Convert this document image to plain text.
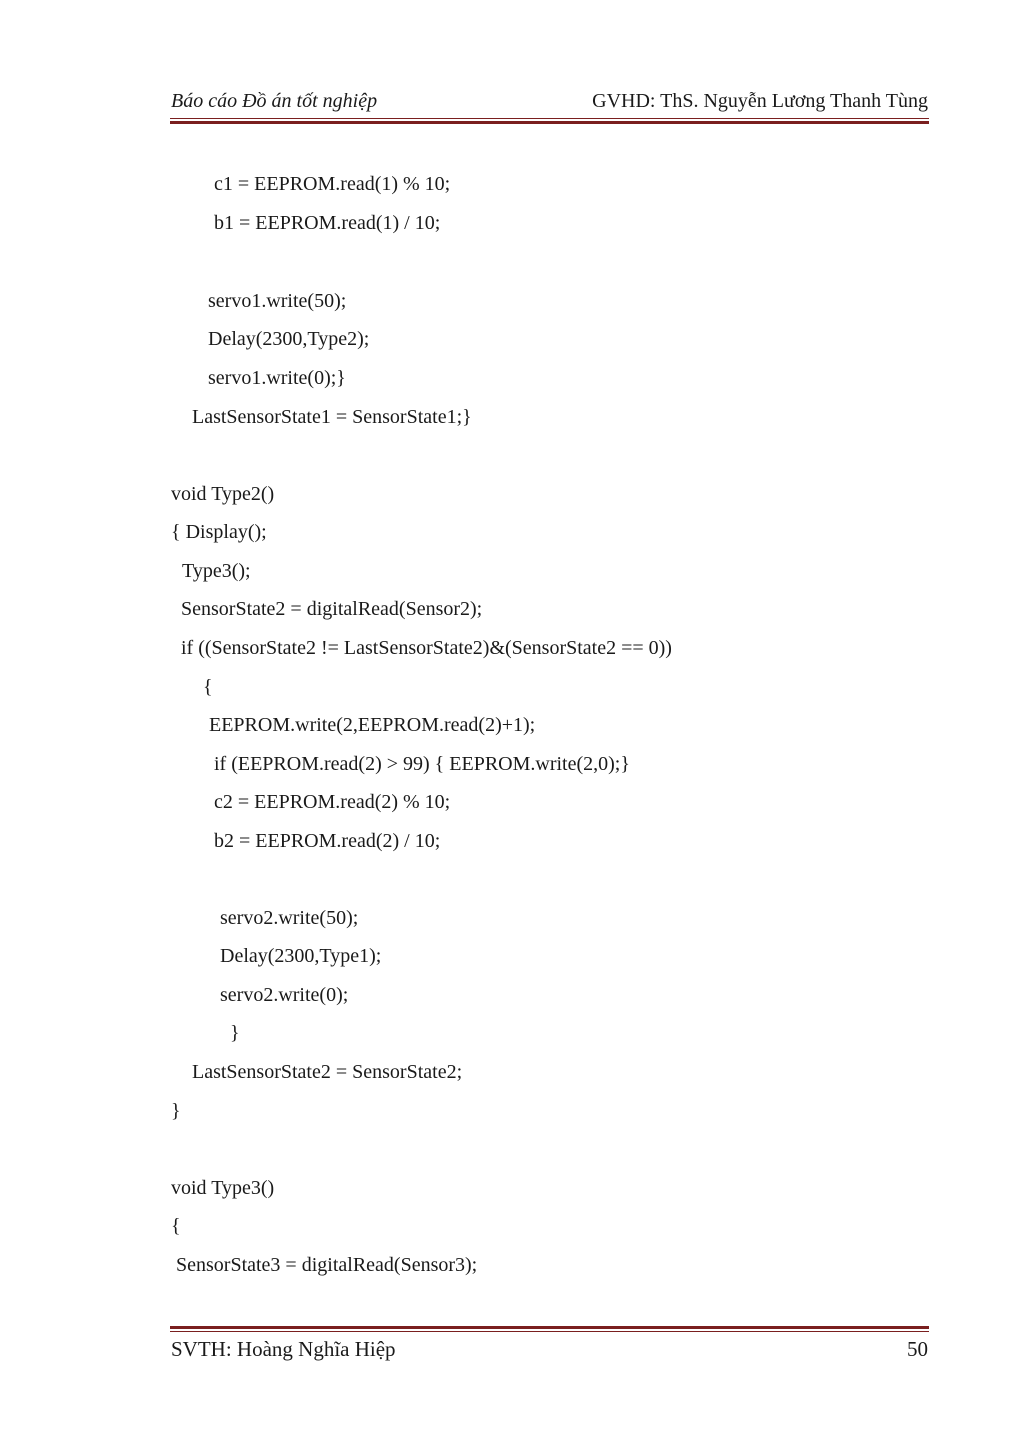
Báo cáo Đồ án tốt nghiệp	GVHD: ThS. Nguyễn Lương Thanh Tùng
c1 = EEPROM.read(1) % 10;
b1 = EEPROM.read(1) / 10;
servo1.write(50);
Delay(2300,Type2);
servo1.write(0);}
LastSensorState1 = SensorState1;}
void Type2()
{ Display();
Type3();
SensorState2 = digitalRead(Sensor2);
if ((SensorState2 != LastSensorState2)&(SensorState2 == 0))
{
EEPROM.write(2,EEPROM.read(2)+1);
if (EEPROM.read(2) > 99) { EEPROM.write(2,0);}
c2 = EEPROM.read(2) % 10;
b2 = EEPROM.read(2) / 10;
servo2.write(50);
Delay(2300,Type1);
servo2.write(0);
}
LastSensorState2 = SensorState2;
}
void Type3()
{
SensorState3 = digitalRead(Sensor3);
SVTH: Hoàng Nghĩa Hiệp	50
